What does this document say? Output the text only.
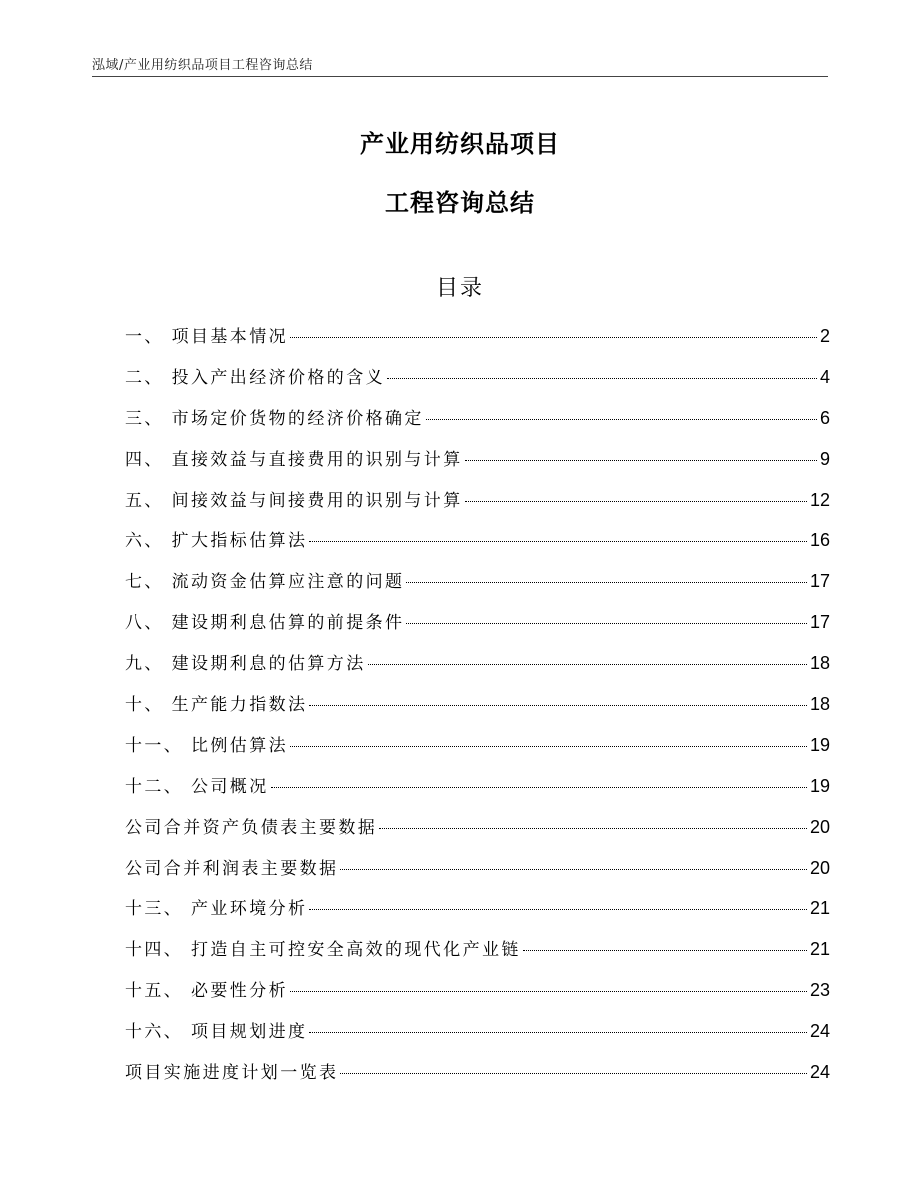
泓域/产业用纺织品项目工程咨询总结
产业用纺织品项目
工程咨询总结
目录
一、 项目基本情况	2
二、 投入产出经济价格的含义	4
三、 市场定价货物的经济价格确定	6
四、 直接效益与直接费用的识别与计算	9
五、 间接效益与间接费用的识别与计算	12
六、 扩大指标估算法	16
七、 流动资金估算应注意的问题	17
八、 建设期利息估算的前提条件	17
九、 建设期利息的估算方法	18
十、 生产能力指数法	18
十一、 比例估算法	19
十二、 公司概况	19
公司合并资产负债表主要数据	20
公司合并利润表主要数据	20
十三、 产业环境分析	21
十四、 打造自主可控安全高效的现代化产业链	21
十五、 必要性分析	23
十六、 项目规划进度	24
项目实施进度计划一览表	24
